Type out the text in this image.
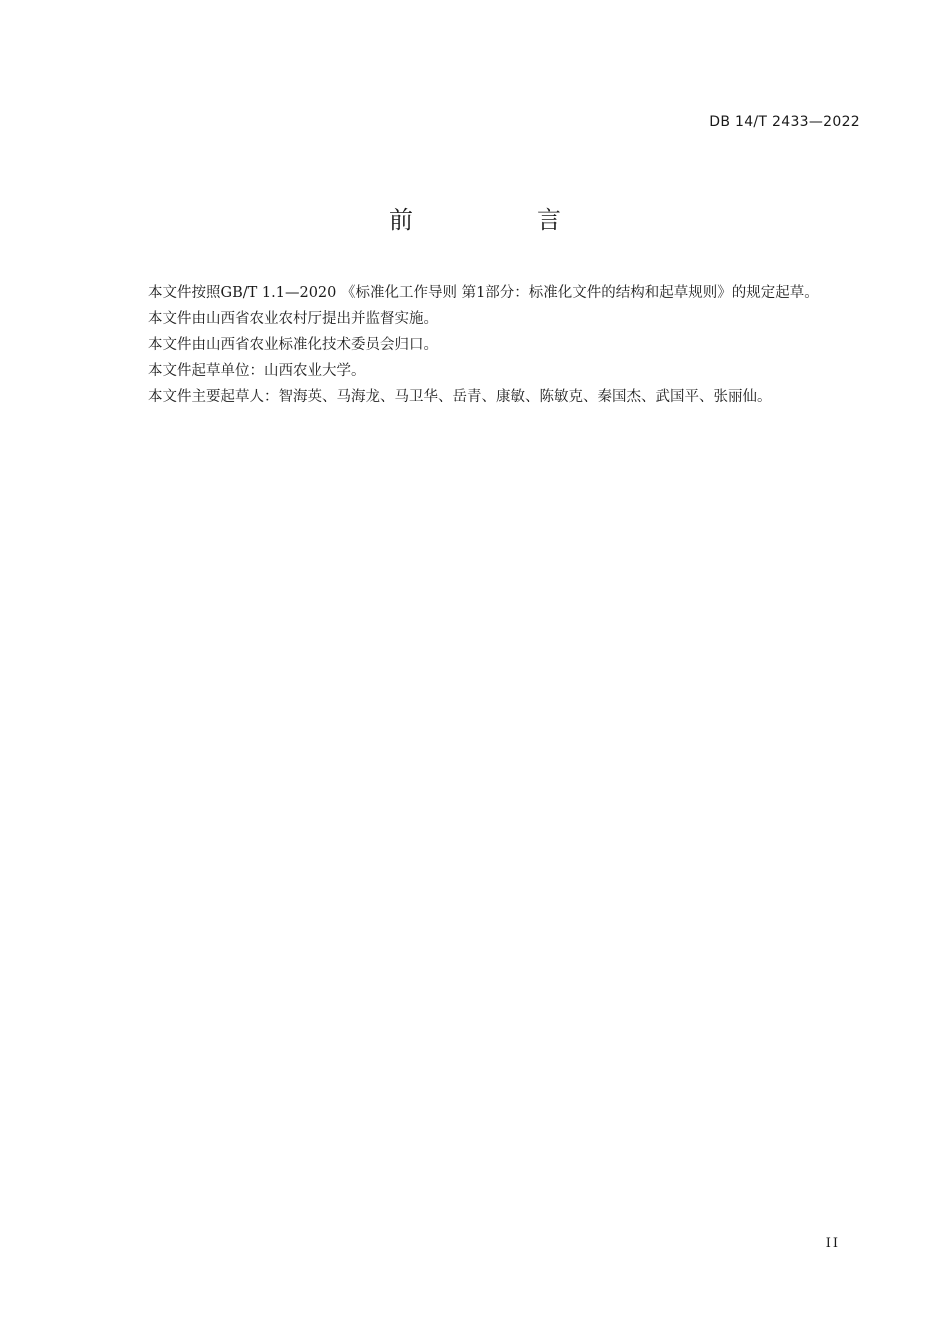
DB 14/T 2433—2022
前　言

本文件按照GB/T 1.1—2020 《标准化工作导则 第1部分：标准化文件的结构和起草规则》的规定起草。

本文件由山西省农业农村厅提出并监督实施。

本文件由山西省农业标准化技术委员会归口。

本文件起草单位：山西农业大学。

本文件主要起草人：智海英、马海龙、马卫华、岳青、康敏、陈敏克、秦国杰、武国平、张丽仙。

II
